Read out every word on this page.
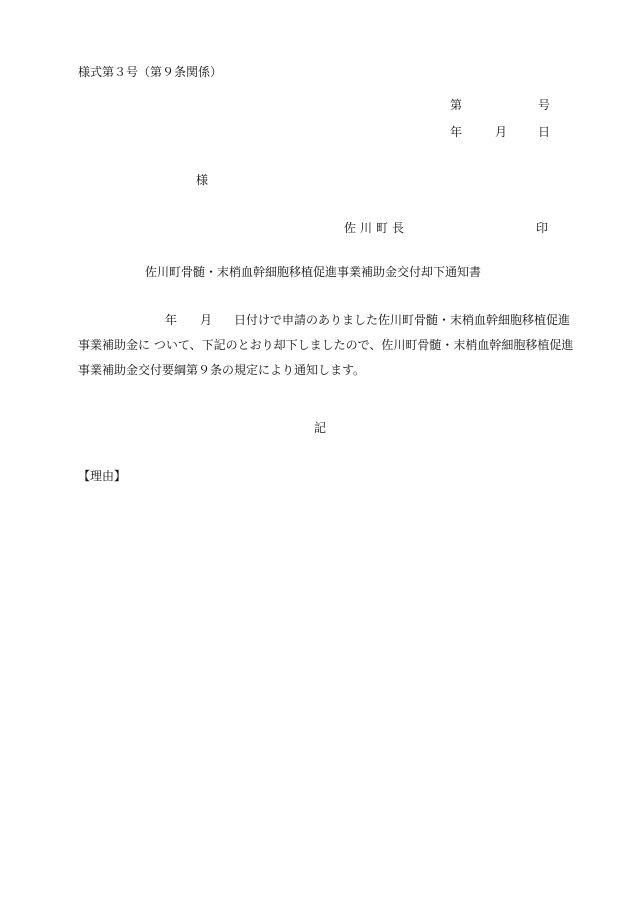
様式第３号（第９条関係）
第	号
年	月	日
様
佐川町長	印
佐川町骨髄・末梢血幹細胞移植促進事業補助金交付却下通知書
年 月 日付けで申請のありました佐川町骨髄・末梢血幹細胞移植促進
事業補助金に ついて、下記のとおり却下しましたので、佐川町骨髄・末梢血幹細胞移植促進
事業補助金交付要綱第９条の規定により通知します。
記
【理由】
